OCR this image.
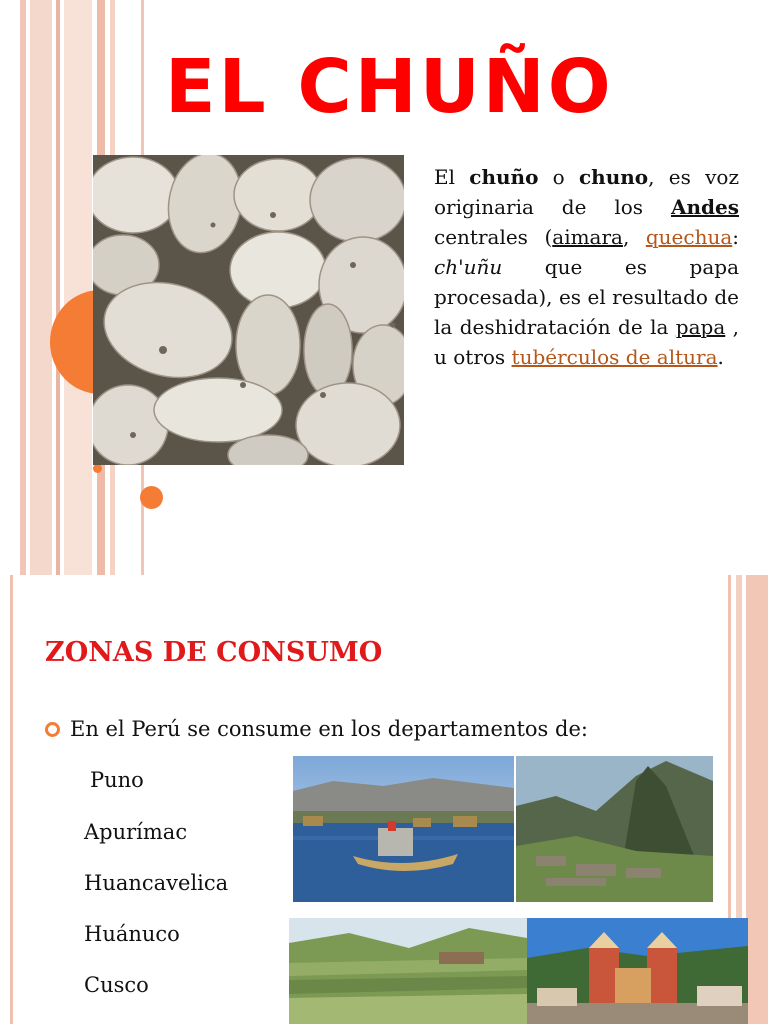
EL CHUÑO

El chuño o chuno, es voz originaria de los Andes centrales (aimara, quechua: ch'uñu que es papa procesada), es el resultado de la deshidratación de la papa , u otros tubérculos de altura.

ZONAS DE CONSUMO
En el Perú se consume en los departamentos de:

Puno

Apurímac

Huancavelica

Huánuco

Cusco
